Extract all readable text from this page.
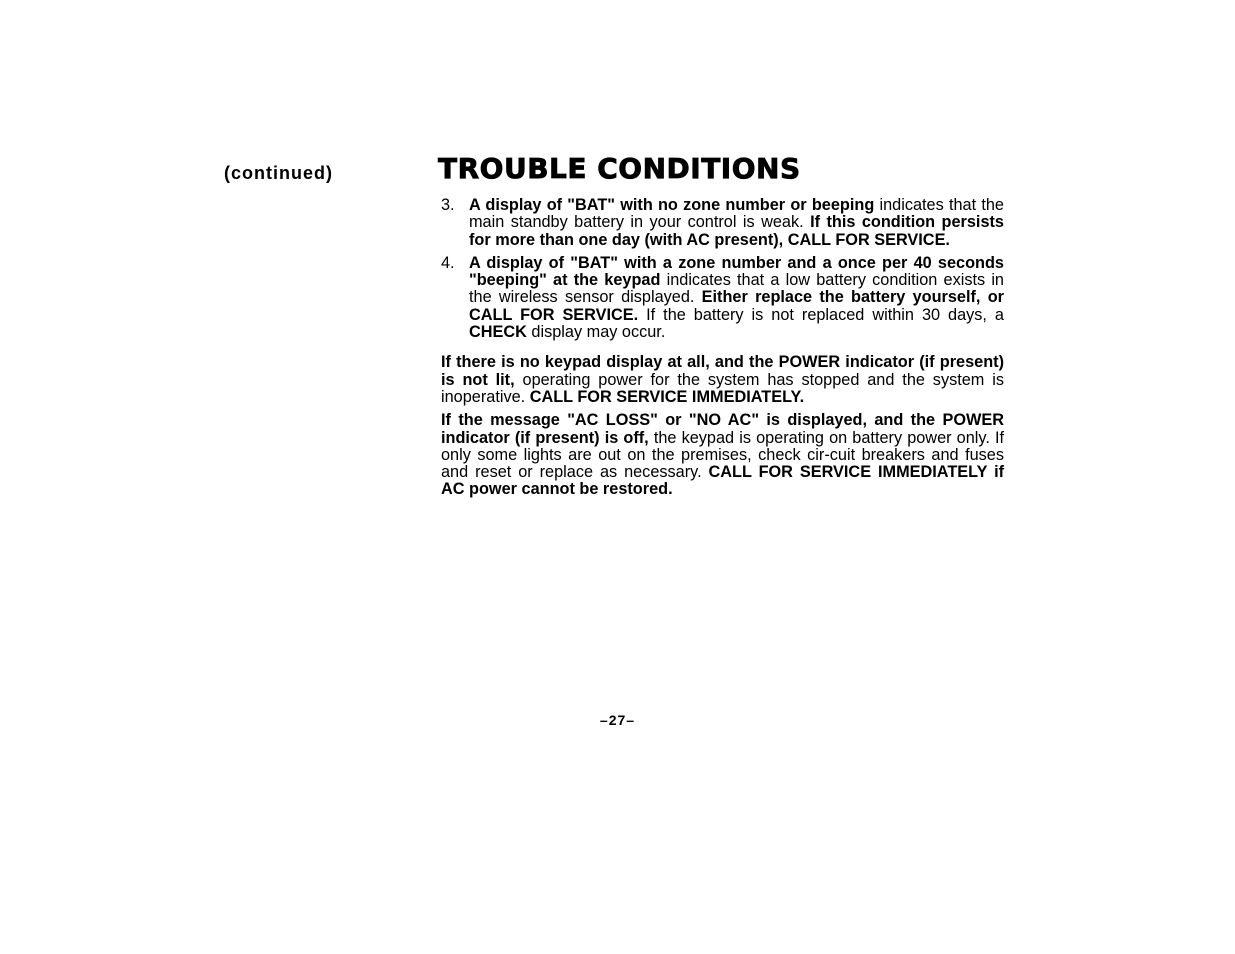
(continued)	TROUBLE CONDITIONS
3. A display of "BAT" with no zone number or beeping indicates that the main standby battery in your control is weak. If this condition persists for more than one day (with AC present), CALL FOR SERVICE.
4. A display of "BAT" with a zone number and a once per 40 seconds "beeping" at the keypad indicates that a low battery condition exists in the wireless sensor displayed. Either replace the battery yourself, or CALL FOR SERVICE. If the battery is not replaced within 30 days, a CHECK display may occur.

If there is no keypad display at all, and the POWER indicator (if present) is not lit, operating power for the system has stopped and the system is inoperative. CALL FOR SERVICE IMMEDIATELY.

If the message "AC LOSS" or "NO AC" is displayed, and the POWER indicator (if present) is off, the keypad is operating on battery power only. If only some lights are out on the premises, check cir-cuit breakers and fuses and reset or replace as necessary. CALL FOR SERVICE IMMEDIATELY if AC power cannot be restored.

–27–
